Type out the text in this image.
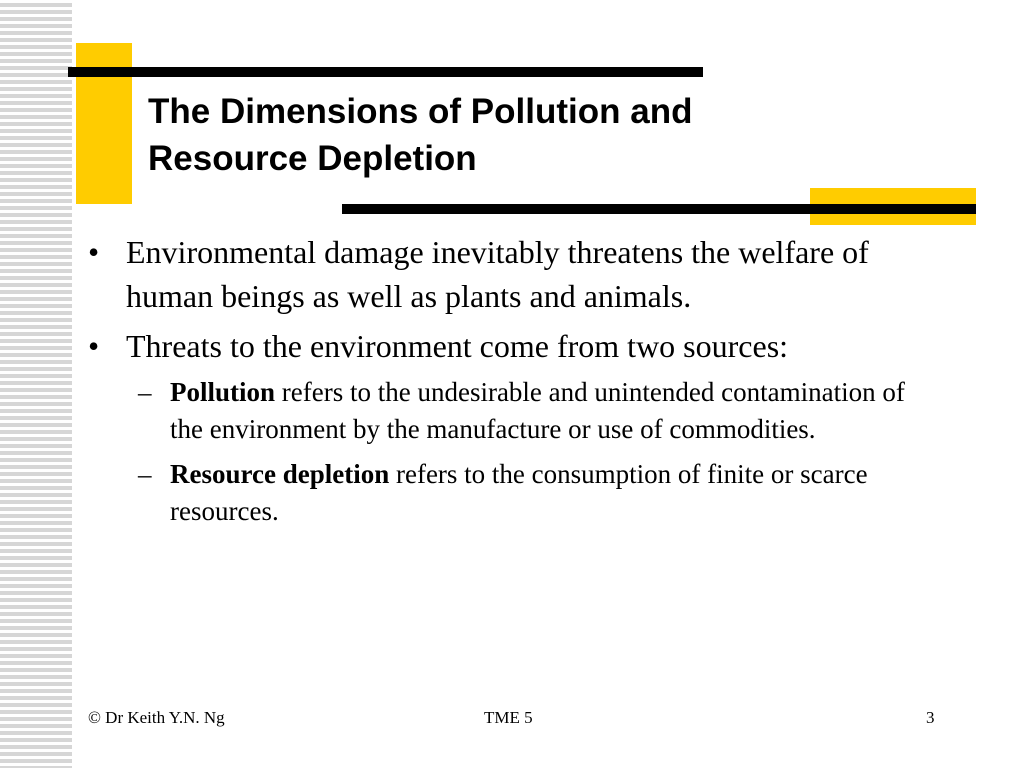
The Dimensions of Pollution and
Resource Depletion

• Environmental damage inevitably threatens the welfare of human beings as well as plants and animals.

• Threats to the environment come from two sources:

– Pollution refers to the undesirable and unintended contamination of the environment by the manufacture or use of commodities.

– Resource depletion refers to the consumption of finite or scarce resources.

© Dr Keith Y.N. Ng	TME 5	3
